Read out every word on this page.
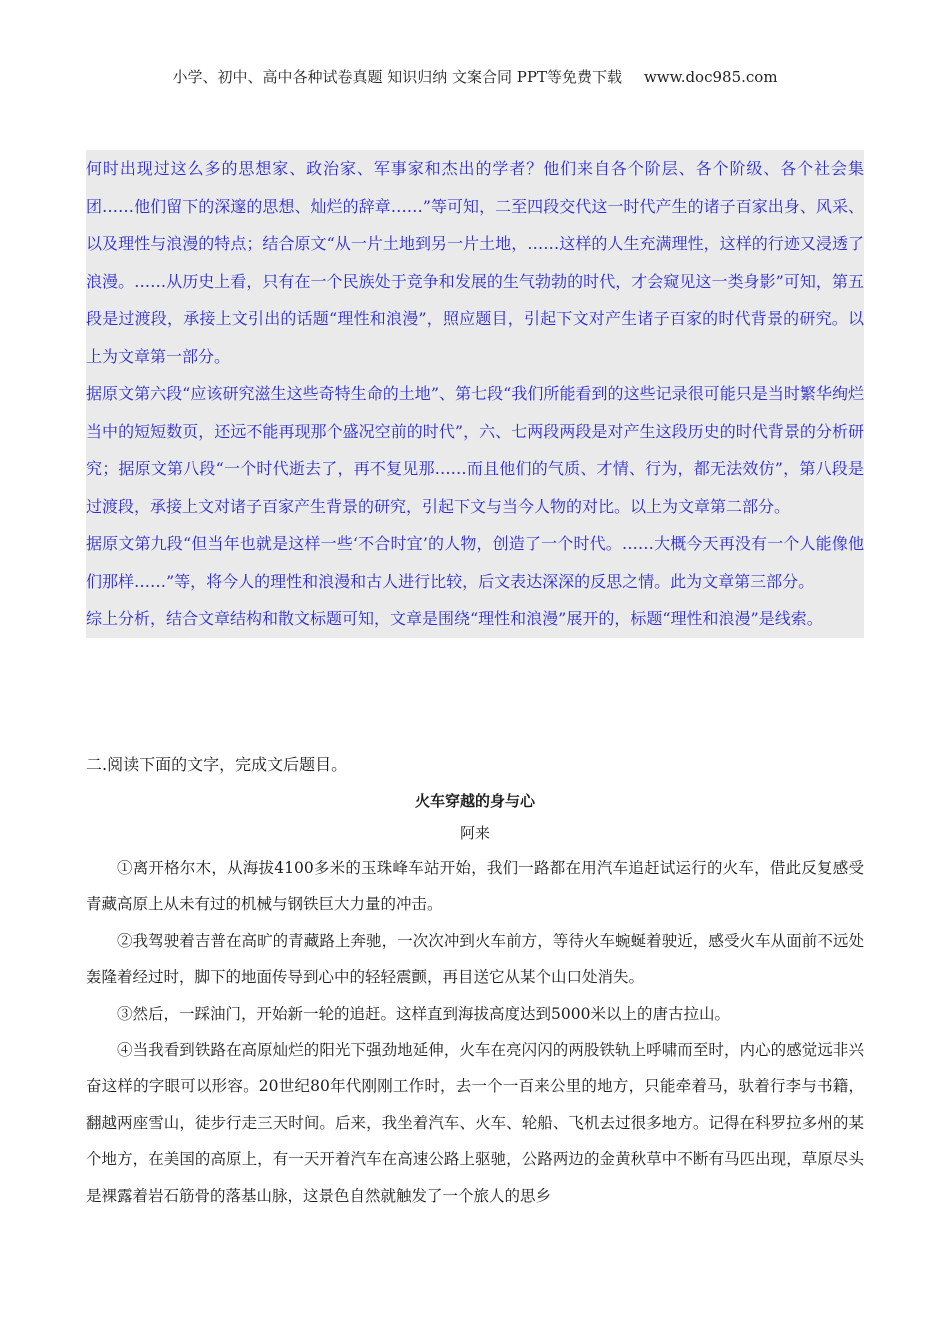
小学、初中、高中各种试卷真题 知识归纳 文案合同 PPT等免费下载 www.doc985.com

何时出现过这么多的思想家、政治家、军事家和杰出的学者？他们来自各个阶层、各个阶级、各个社会集团……他们留下的深邃的思想、灿烂的辞章……”等可知，二至四段交代这一时代产生的诸子百家出身、风采、以及理性与浪漫的特点；结合原文“从一片土地到另一片土地，……这样的人生充满理性，这样的行迹又浸透了浪漫。……从历史上看，只有在一个民族处于竞争和发展的生气勃勃的时代，才会窥见这一类身影”可知，第五段是过渡段，承接上文引出的话题“理性和浪漫”，照应题目，引起下文对产生诸子百家的时代背景的研究。以上为文章第一部分。

据原文第六段“应该研究滋生这些奇特生命的土地”、第七段“我们所能看到的这些记录很可能只是当时繁华绚烂当中的短短数页，还远不能再现那个盛况空前的时代”，六、七两段两段是对产生这段历史的时代背景的分析研究；据原文第八段“一个时代逝去了，再不复见那……而且他们的气质、才情、行为，都无法效仿”，第八段是过渡段，承接上文对诸子百家产生背景的研究，引起下文与当今人物的对比。以上为文章第二部分。

据原文第九段“但当年也就是这样一些‘不合时宜’的人物，创造了一个时代。……大概今天再没有一个人能像他们那样……”等，将今人的理性和浪漫和古人进行比较，后文表达深深的反思之情。此为文章第三部分。

综上分析，结合文章结构和散文标题可知，文章是围绕“理性和浪漫”展开的，标题“理性和浪漫”是线索。

二.阅读下面的文字，完成文后题目。
火车穿越的身与心
阿来

①离开格尔木，从海拔4100多米的玉珠峰车站开始，我们一路都在用汽车追赶试运行的火车，借此反复感受青藏高原上从未有过的机械与钢铁巨大力量的冲击。

②我驾驶着吉普在高旷的青藏路上奔驰，一次次冲到火车前方，等待火车蜿蜒着驶近，感受火车从面前不远处轰隆着经过时，脚下的地面传导到心中的轻轻震颤，再目送它从某个山口处消失。

③然后，一踩油门，开始新一轮的追赶。这样直到海拔高度达到5000米以上的唐古拉山。

④当我看到铁路在高原灿烂的阳光下强劲地延伸，火车在亮闪闪的两股铁轨上呼啸而至时，内心的感觉远非兴奋这样的字眼可以形容。20世纪80年代刚刚工作时，去一个一百来公里的地方，只能牵着马，驮着行李与书籍，翻越两座雪山，徒步行走三天时间。后来，我坐着汽车、火车、轮船、飞机去过很多地方。记得在科罗拉多州的某个地方，在美国的高原上，有一天开着汽车在高速公路上驱驰，公路两边的金黄秋草中不断有马匹出现，草原尽头是裸露着岩石筋骨的落基山脉，这景色自然就触发了一个旅人的思乡
